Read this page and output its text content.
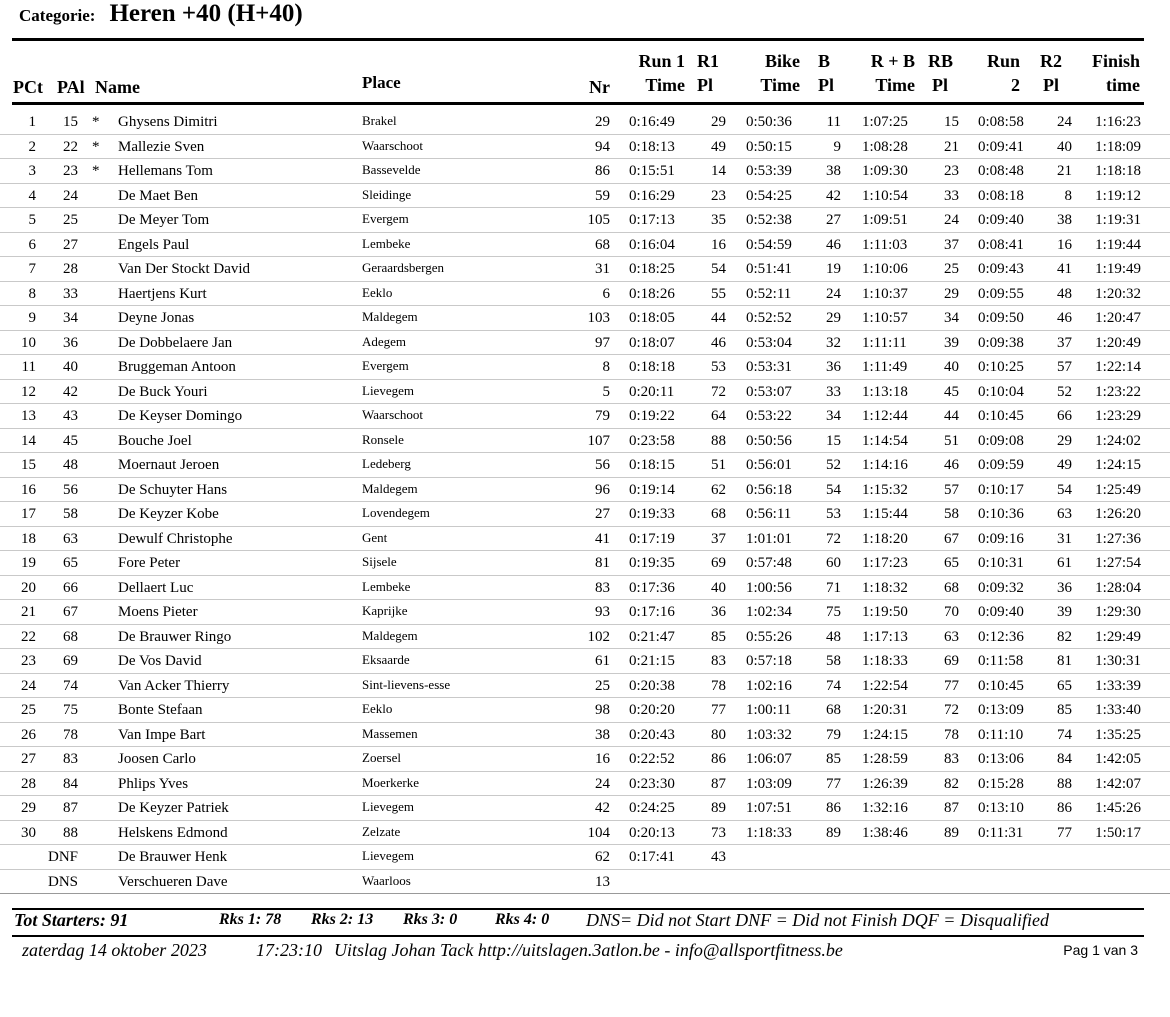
Categorie: Heren +40 (H+40)
PCt PAl Name	Place	Nr
Run 1
Time
R1
Pl
Bike
Time
B
Pl
R + B
Time
RB
Pl
Run
2
R2
Pl
Finish
time
1	15 * Ghysens Dimitri	Brakel	29 0:16:49	29 0:50:36	11 1:07:25	15 0:08:58	24	1:16:23
2	22 * Mallezie Sven	Waarschoot	94 0:18:13	49 0:50:15	9 1:08:28	21 0:09:41	40	1:18:09
3	23 * Hellemans Tom	Bassevelde	86 0:15:51	14 0:53:39	38 1:09:30	23 0:08:48	21	1:18:18
4	24	De Maet Ben	Sleidinge	59 0:16:29	23 0:54:25	42 1:10:54	33 0:08:18	8	1:19:12
5	25	De Meyer Tom	Evergem	105 0:17:13	35 0:52:38	27 1:09:51	24 0:09:40	38	1:19:31
6	27	Engels Paul	Lembeke	68 0:16:04	16 0:54:59	46 1:11:03	37 0:08:41	16	1:19:44
7	28	Van Der Stockt David	Geraardsbergen	31 0:18:25	54 0:51:41	19 1:10:06	25 0:09:43	41	1:19:49
8	33	Haertjens Kurt	Eeklo	6 0:18:26	55 0:52:11	24 1:10:37	29 0:09:55	48	1:20:32
9	34	Deyne Jonas	Maldegem	103 0:18:05	44 0:52:52	29 1:10:57	34 0:09:50	46	1:20:47
10	36	De Dobbelaere Jan	Adegem	97 0:18:07	46 0:53:04	32 1:11:11	39 0:09:38	37	1:20:49
11	40	Bruggeman Antoon	Evergem	8 0:18:18	53 0:53:31	36 1:11:49	40 0:10:25	57	1:22:14
12	42	De Buck Youri	Lievegem	5 0:20:11	72 0:53:07	33 1:13:18	45 0:10:04	52	1:23:22
13	43	De Keyser Domingo	Waarschoot	79 0:19:22	64 0:53:22	34 1:12:44	44 0:10:45	66	1:23:29
14	45	Bouche Joel	Ronsele	107 0:23:58	88 0:50:56	15 1:14:54	51 0:09:08	29	1:24:02
15	48	Moernaut Jeroen	Ledeberg	56 0:18:15	51 0:56:01	52 1:14:16	46 0:09:59	49	1:24:15
16	56	De Schuyter Hans	Maldegem	96 0:19:14	62 0:56:18	54 1:15:32	57 0:10:17	54	1:25:49
17	58	De Keyzer Kobe	Lovendegem	27 0:19:33	68 0:56:11	53 1:15:44	58 0:10:36	63	1:26:20
18	63	Dewulf Christophe	Gent	41 0:17:19	37 1:01:01	72 1:18:20	67 0:09:16	31	1:27:36
19	65	Fore Peter	Sijsele	81 0:19:35	69 0:57:48	60 1:17:23	65 0:10:31	61	1:27:54
20	66	Dellaert Luc	Lembeke	83 0:17:36	40 1:00:56	71 1:18:32	68 0:09:32	36	1:28:04
21	67	Moens Pieter	Kaprijke	93 0:17:16	36 1:02:34	75 1:19:50	70 0:09:40	39	1:29:30
22	68	De Brauwer Ringo	Maldegem	102 0:21:47	85 0:55:26	48 1:17:13	63 0:12:36	82	1:29:49
23	69	De Vos David	Eksaarde	61 0:21:15	83 0:57:18	58 1:18:33	69 0:11:58	81	1:30:31
24	74	Van Acker Thierry	Sint-lievens-esse	25 0:20:38	78 1:02:16	74 1:22:54	77 0:10:45	65	1:33:39
25	75	Bonte Stefaan	Eeklo	98 0:20:20	77 1:00:11	68 1:20:31	72 0:13:09	85	1:33:40
26	78	Van Impe Bart	Massemen	38 0:20:43	80 1:03:32	79 1:24:15	78 0:11:10	74	1:35:25
27	83	Joosen Carlo	Zoersel	16 0:22:52	86 1:06:07	85 1:28:59	83 0:13:06	84	1:42:05
28	84	Phlips Yves	Moerkerke	24 0:23:30	87 1:03:09	77 1:26:39	82 0:15:28	88	1:42:07
29	87	De Keyzer Patriek	Lievegem	42 0:24:25	89 1:07:51	86 1:32:16	87 0:13:10	86	1:45:26
30	88	Helskens Edmond	Zelzate	104 0:20:13	73 1:18:33	89 1:38:46	89 0:11:31	77	1:50:17
DNF	De Brauwer Henk	Lievegem	62 0:17:41	43
DNS	Verschueren Dave	Waarloos	13
Tot Starters: 91	Rks 1: 78 Rks 2: 13 Rks 3: 0 Rks 4: 0 DNS= Did not Start DNF = Did not Finish DQF = Disqualified
zaterdag 14 oktober 2023	17:23:10 Uitslag Johan Tack http://uitslagen.3atlon.be - info@allsportfitness.be	Pag 1 van 3
